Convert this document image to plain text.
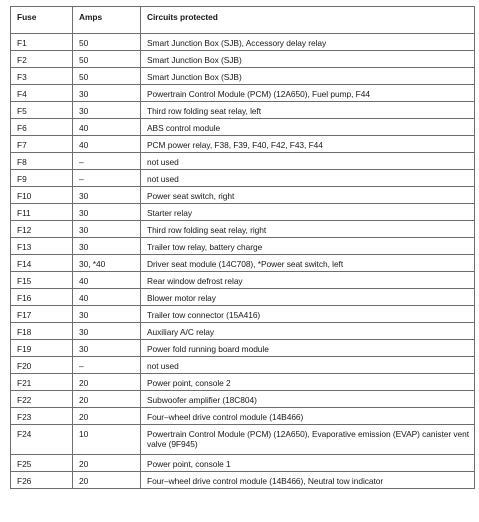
Fuse	Amps	Circuits protected
F1	50	Smart Junction Box (SJB), Accessory delay relay
F2	50	Smart Junction Box (SJB)
F3	50	Smart Junction Box (SJB)
F4	30	Powertrain Control Module (PCM) (12A650), Fuel pump, F44
F5	30	Third row folding seat relay, left
F6	40	ABS control module
F7	40	PCM power relay, F38, F39, F40, F42, F43, F44
F8	–	not used
F9	–	not used
F10	30	Power seat switch, right
F11	30	Starter relay
F12	30	Third row folding seat relay, right
F13	30	Trailer tow relay, battery charge
F14	30, *40	Driver seat module (14C708), *Power seat switch, left
F15	40	Rear window defrost relay
F16	40	Blower motor relay
F17	30	Trailer tow connector (15A416)
F18	30	Auxiliary A/C relay
F19	30	Power fold running board module
F20	–	not used
F21	20	Power point, console 2
F22	20	Subwoofer amplifier (18C804)
F23	20	Four–wheel drive control module (14B466)
F24	10	Powertrain Control Module (PCM) (12A650), Evaporative emission (EVAP) canister vent valve (9F945)
F25	20	Power point, console 1
F26	20	Four–wheel drive control module (14B466), Neutral tow indicator
